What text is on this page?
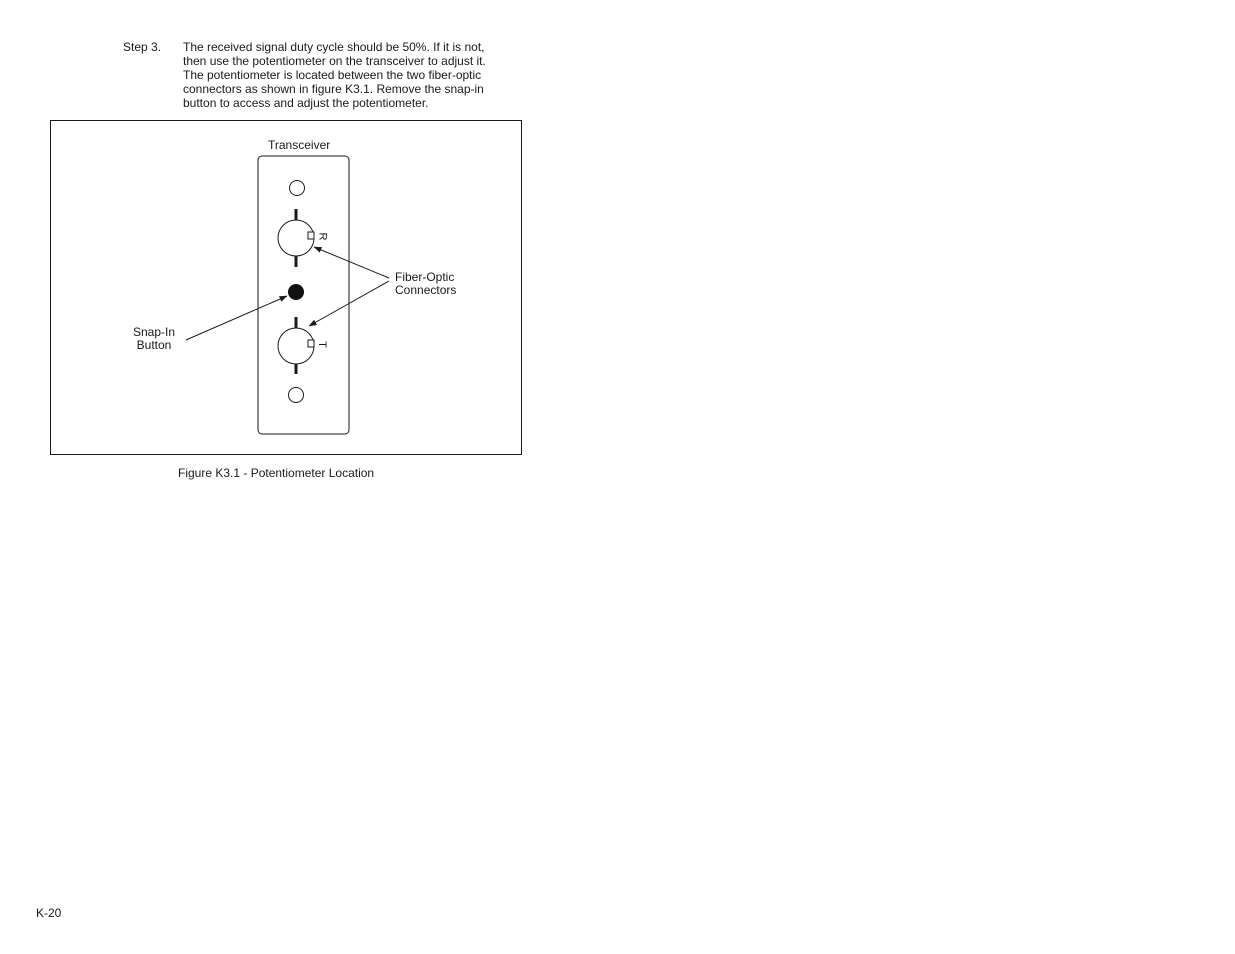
Step 3. The received signal duty cycle should be 50%. If it is not,
then use the potentiometer on the transceiver to adjust it.
The potentiometer is located between the two fiber-optic
connectors as shown in figure K3.1. Remove the snap-in
button to access and adjust the potentiometer.
Transceiver
R
T
Fiber-Optic
Connectors
Snap-In
Button
Figure K3.1 - Potentiometer Location
K-20
